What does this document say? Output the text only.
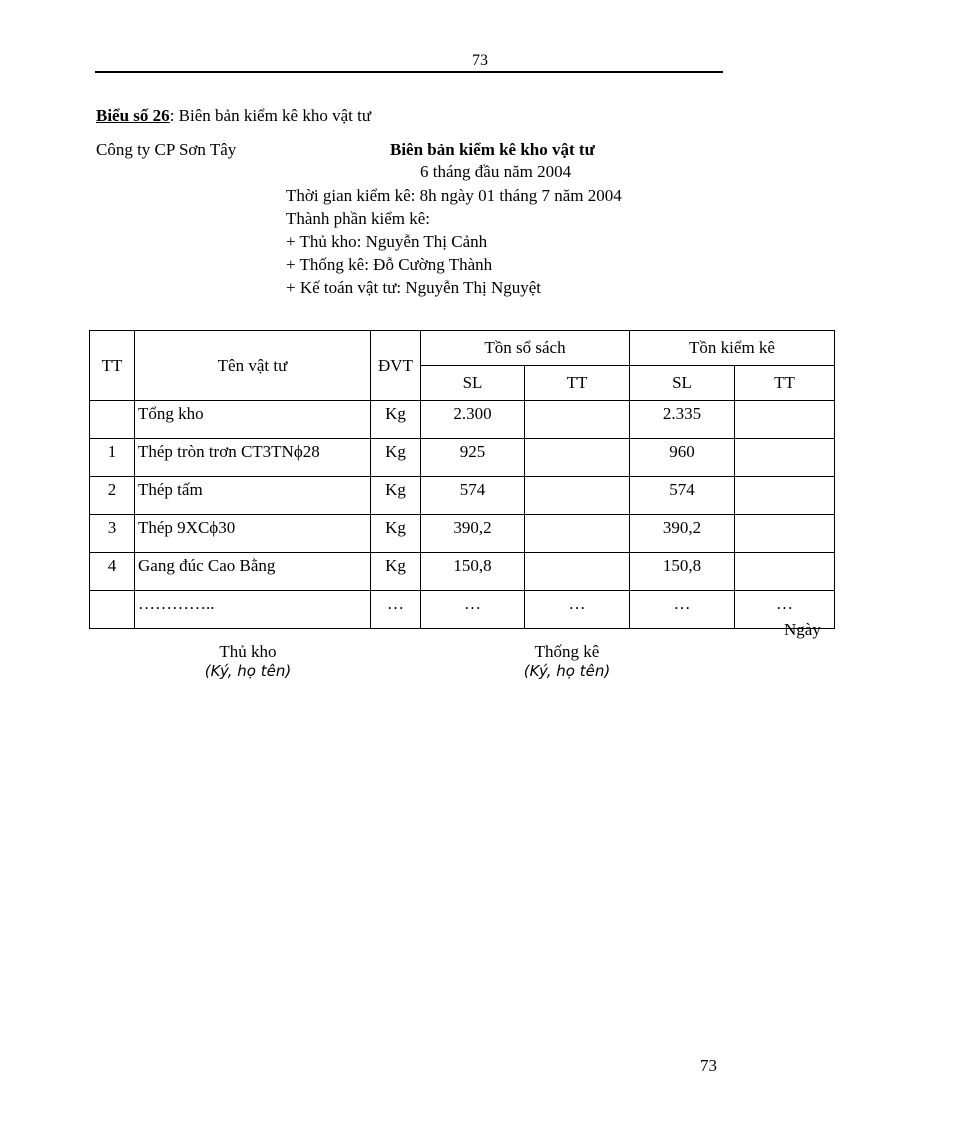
73
Biểu số 26: Biên bản kiểm kê kho vật tư
Công ty CP Sơn Tây	Biên bản kiểm kê kho vật tư
6 tháng đầu năm 2004
Thời gian kiểm kê: 8h ngày 01 tháng 7 năm 2004
Thành phần kiểm kê:
+ Thủ kho: Nguyễn Thị Cảnh
+ Thống kê: Đỗ Cường Thành
+ Kế toán vật tư: Nguyễn Thị Nguyệt
TT	Tên vật tư	ĐVT	Tồn sổ sách		Tồn kiểm kê	
			SL	TT	SL	TT
	Tổng kho	Kg	2.300		2.335	
1	Thép tròn trơn CT3TNϕ28	Kg	925		960	
2	Thép tấm	Kg	574		574	
3	Thép 9XCϕ30	Kg	390,2		390,2	
4	Gang đúc Cao Bằng	Kg	150,8		150,8	
	…………..	…	…	…	…	…
Ngày
Thủ kho
(Ký, họ tên)
Thống kê
(Ký, họ tên)
73
